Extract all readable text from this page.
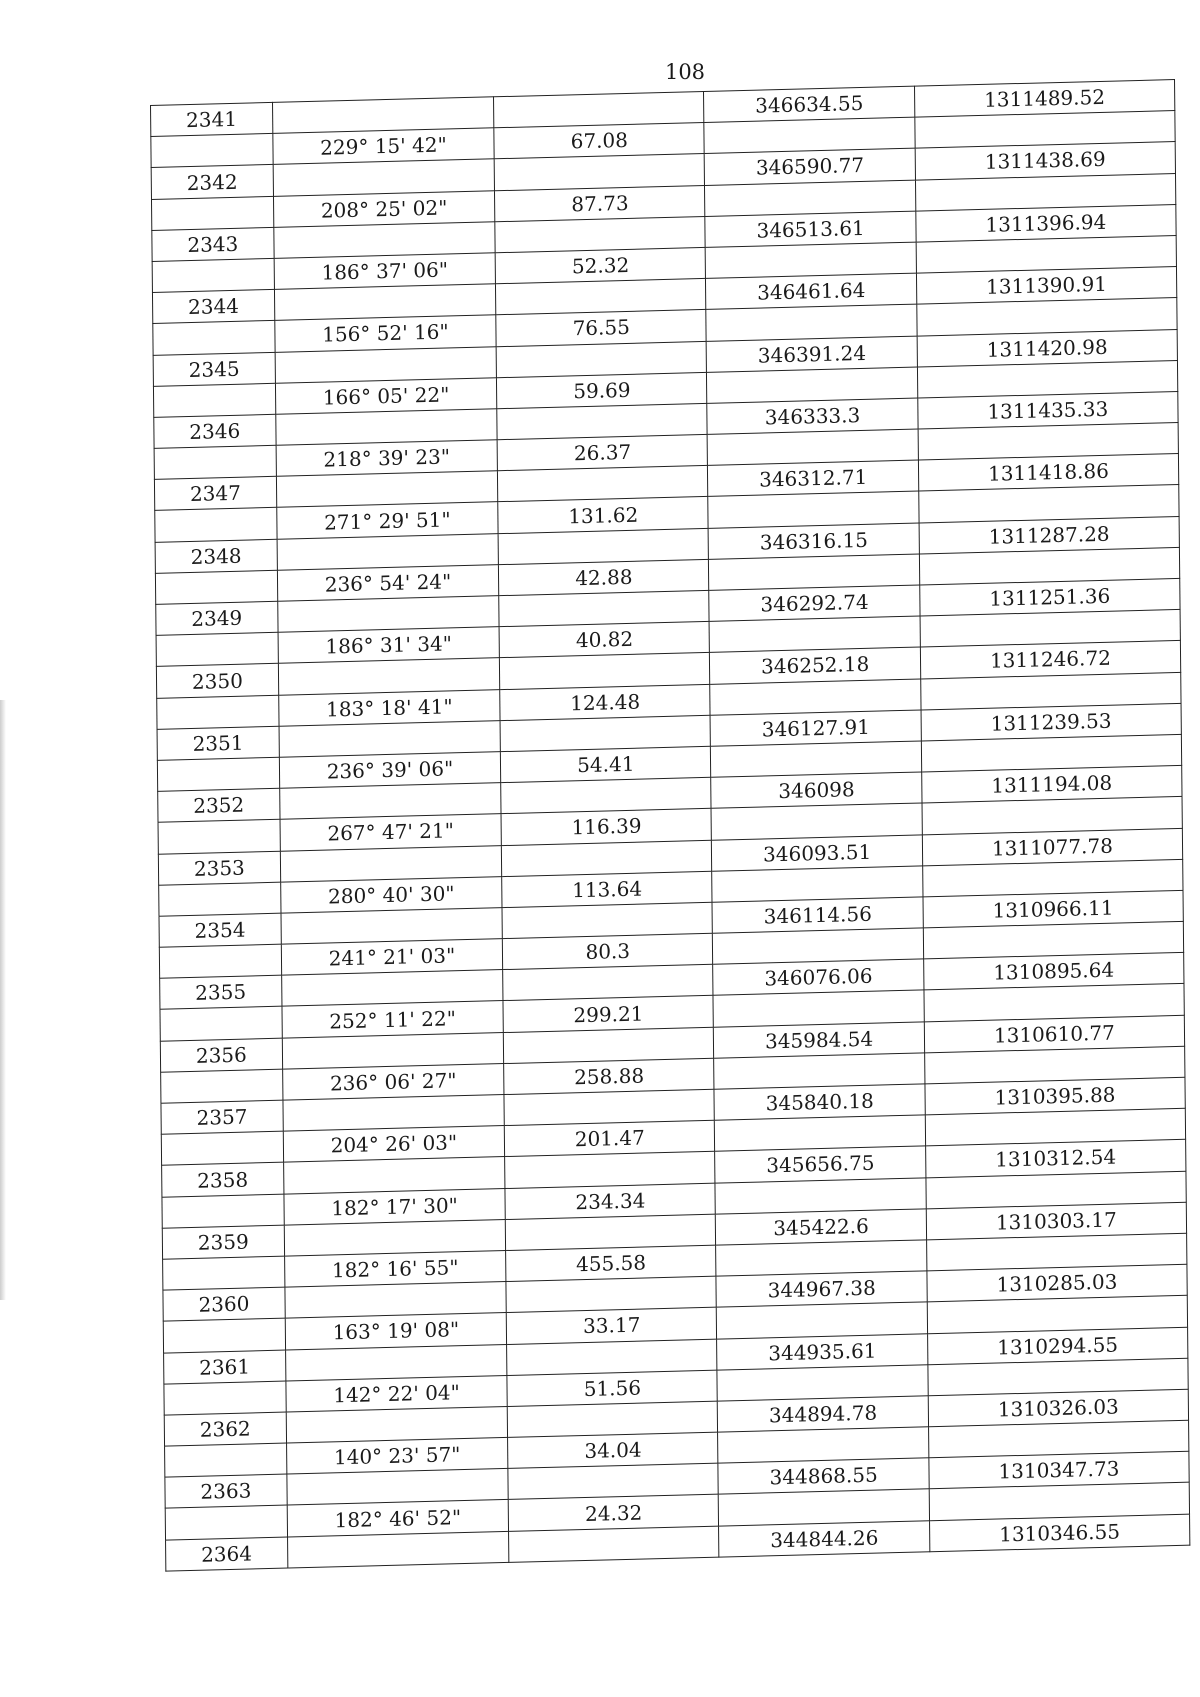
108
2341			346634.55	1311489.52
	229° 15' 42"	67.08		
2342			346590.77	1311438.69
	208° 25' 02"	87.73		
2343			346513.61	1311396.94
	186° 37' 06"	52.32		
2344			346461.64	1311390.91
	156° 52' 16"	76.55		
2345			346391.24	1311420.98
	166° 05' 22"	59.69		
2346			346333.3	1311435.33
	218° 39' 23"	26.37		
2347			346312.71	1311418.86
	271° 29' 51"	131.62		
2348			346316.15	1311287.28
	236° 54' 24"	42.88		
2349			346292.74	1311251.36
	186° 31' 34"	40.82		
2350			346252.18	1311246.72
	183° 18' 41"	124.48		
2351			346127.91	1311239.53
	236° 39' 06"	54.41		
2352			346098	1311194.08
	267° 47' 21"	116.39		
2353			346093.51	1311077.78
	280° 40' 30"	113.64		
2354			346114.56	1310966.11
	241° 21' 03"	80.3		
2355			346076.06	1310895.64
	252° 11' 22"	299.21		
2356			345984.54	1310610.77
	236° 06' 27"	258.88		
2357			345840.18	1310395.88
	204° 26' 03"	201.47		
2358			345656.75	1310312.54
	182° 17' 30"	234.34		
2359			345422.6	1310303.17
	182° 16' 55"	455.58		
2360			344967.38	1310285.03
	163° 19' 08"	33.17		
2361			344935.61	1310294.55
	142° 22' 04"	51.56		
2362			344894.78	1310326.03
	140° 23' 57"	34.04		
2363			344868.55	1310347.73
	182° 46' 52"	24.32		
2364			344844.26	1310346.55
